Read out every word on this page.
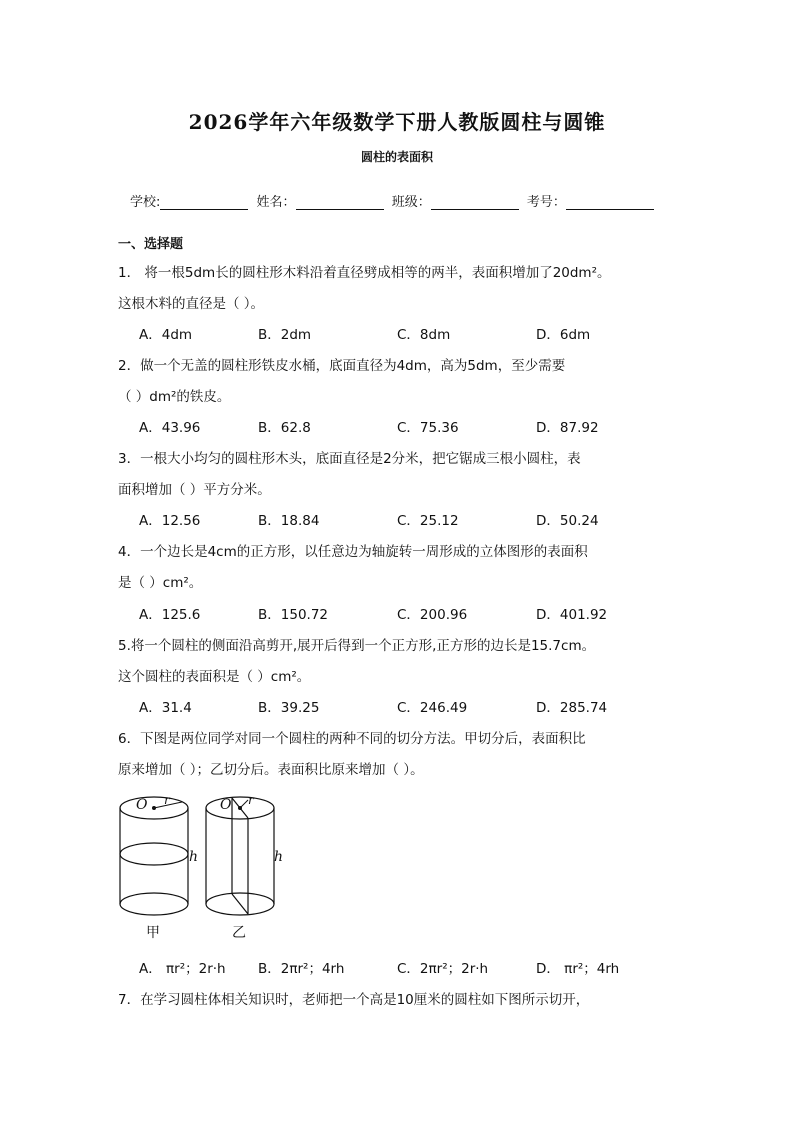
2026学年六年级数学下册人教版圆柱与圆锥
圆柱的表面积
学校:	姓名：	班级：	考号：
一、选择题
1． 将一根5dm长的圆柱形木料沿着直径劈成相等的两半，表面积增加了20dm²。
这根木料的直径是（ ）。
A．4dm	B．2dm	C．8dm	D．6dm
2．做一个无盖的圆柱形铁皮水桶，底面直径为4dm，高为5dm，至少需要
（ ）dm²的铁皮。
A．43.96	B．62.8	C．75.36	D．87.92
3．一根大小均匀的圆柱形木头，底面直径是2分米，把它锯成三根小圆柱，表
面积增加（ ）平方分米。
A．12.56	B．18.84	C．25.12	D．50.24
4．一个边长是4cm的正方形，以任意边为轴旋转一周形成的立体图形的表面积
是（ ）cm²。
A．125.6	B．150.72	C．200.96	D．401.92
5.将一个圆柱的侧面沿高剪开,展开后得到一个正方形,正方形的边长是15.7cm。
这个圆柱的表面积是（ ）cm²。
A．31.4	B．39.25	C．246.49	D．285.74
6．下图是两位同学对同一个圆柱的两种不同的切分方法。甲切分后，表面积比
原来增加（ ）；乙切分后。表面积比原来增加（ ）。
O r
h
O r
h
甲	乙
A． πr²；2r·h B．2πr²；4rh	C．2πr²；2r·h	D． πr²；4rh
7．在学习圆柱体相关知识时，老师把一个高是10厘米的圆柱如下图所示切开，
